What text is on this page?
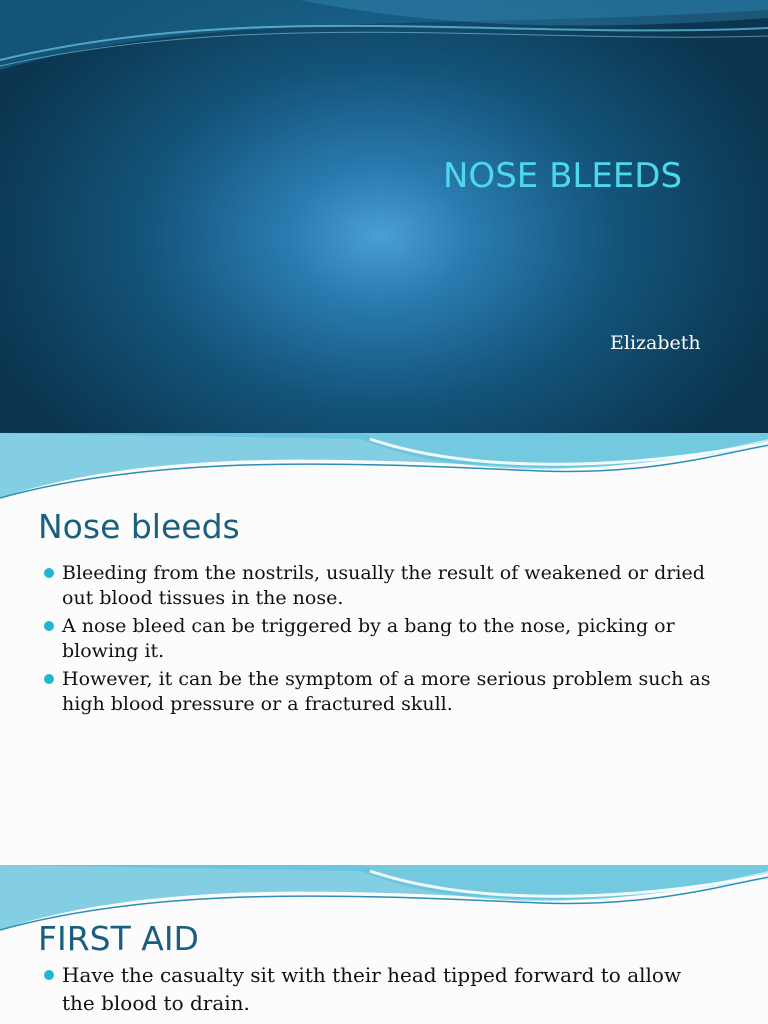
NOSE BLEEDS
Elizabeth
Nose bleeds
Bleeding from the nostrils, usually the result of weakened or dried out blood tissues in the nose.
A nose bleed can be triggered by a bang to the nose, picking or blowing it.
However, it can be the symptom of a more serious problem such as high blood pressure or a fractured skull.
FIRST AID
Have the casualty sit with their head tipped forward to allow the blood to drain.
